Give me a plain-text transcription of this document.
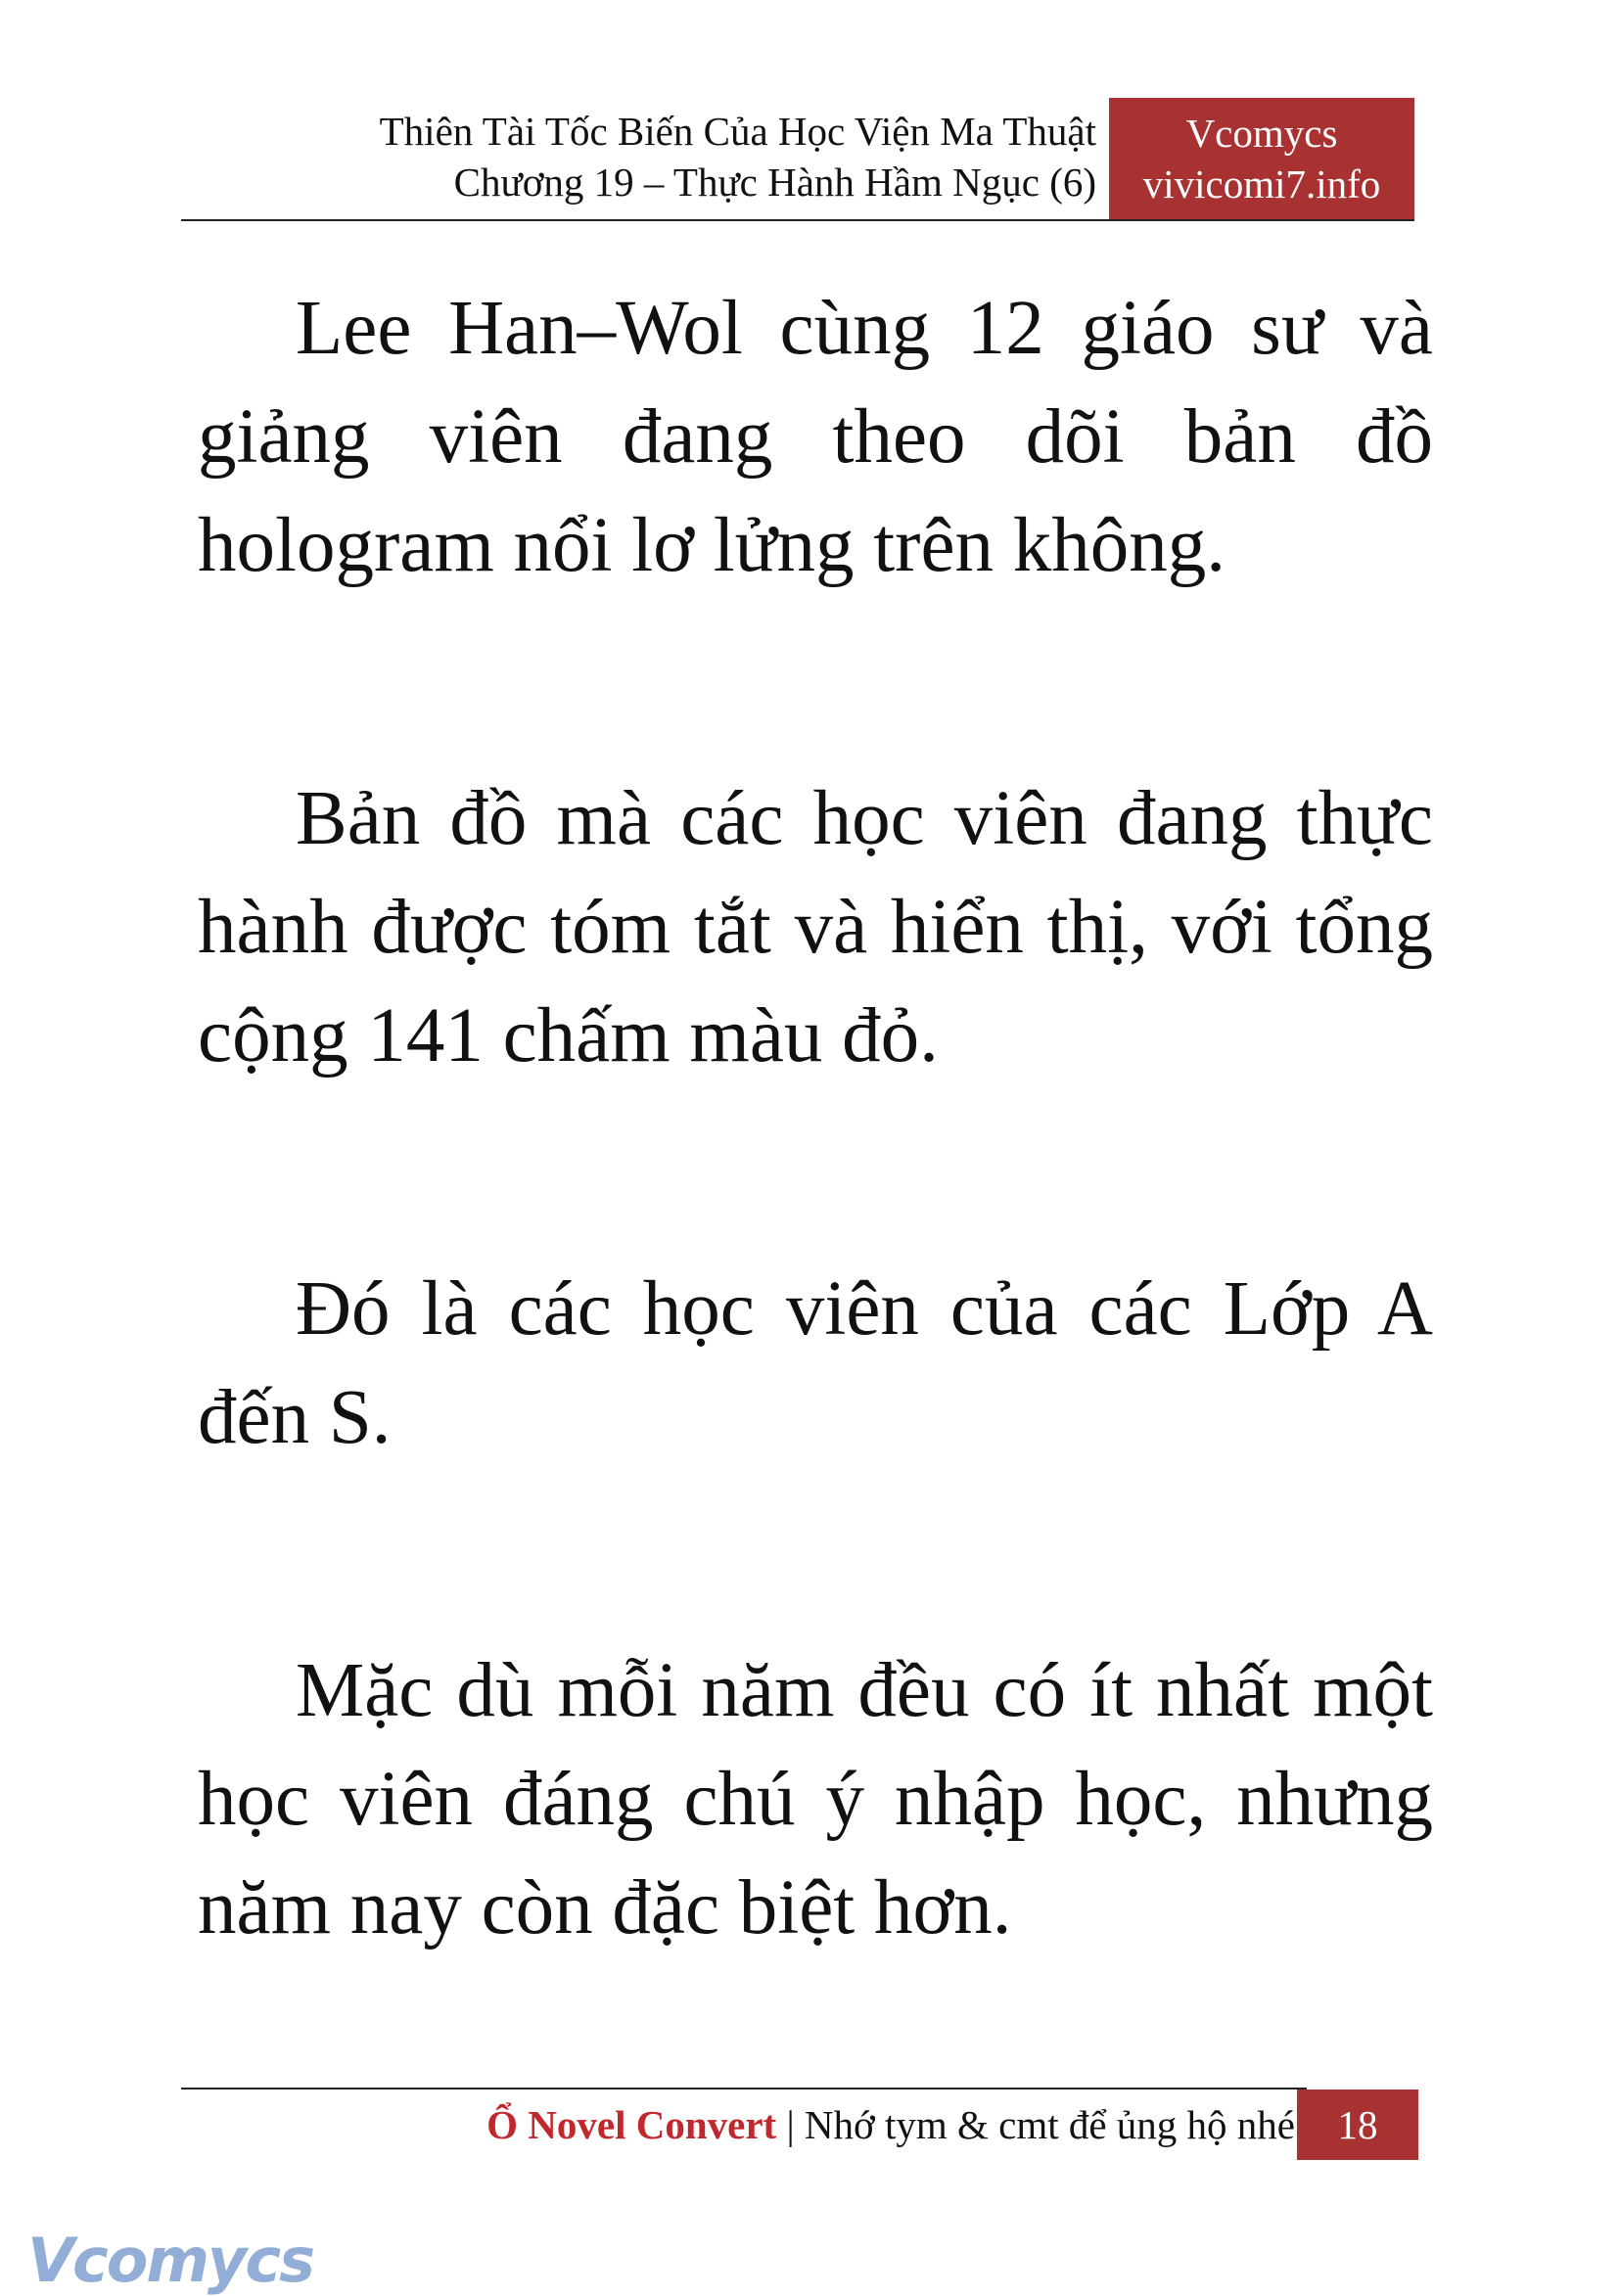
Thiên Tài Tốc Biến Của Học Viện Ma Thuật
Chương 19 – Thực Hành Hầm Ngục (6)
Vcomycs
vivicomi7.info

Lee Han–Wol cùng 12 giáo sư và giảng viên đang theo dõi bản đồ hologram nổi lơ lửng trên không.

Bản đồ mà các học viên đang thực hành được tóm tắt và hiển thị, với tổng cộng 141 chấm màu đỏ.

Đó là các học viên của các Lớp A đến S.

Mặc dù mỗi năm đều có ít nhất một học viên đáng chú ý nhập học, nhưng năm nay còn đặc biệt hơn.

Ổ Novel Convert | Nhớ tym & cmt để ủng hộ nhé	18
Vcomycs
